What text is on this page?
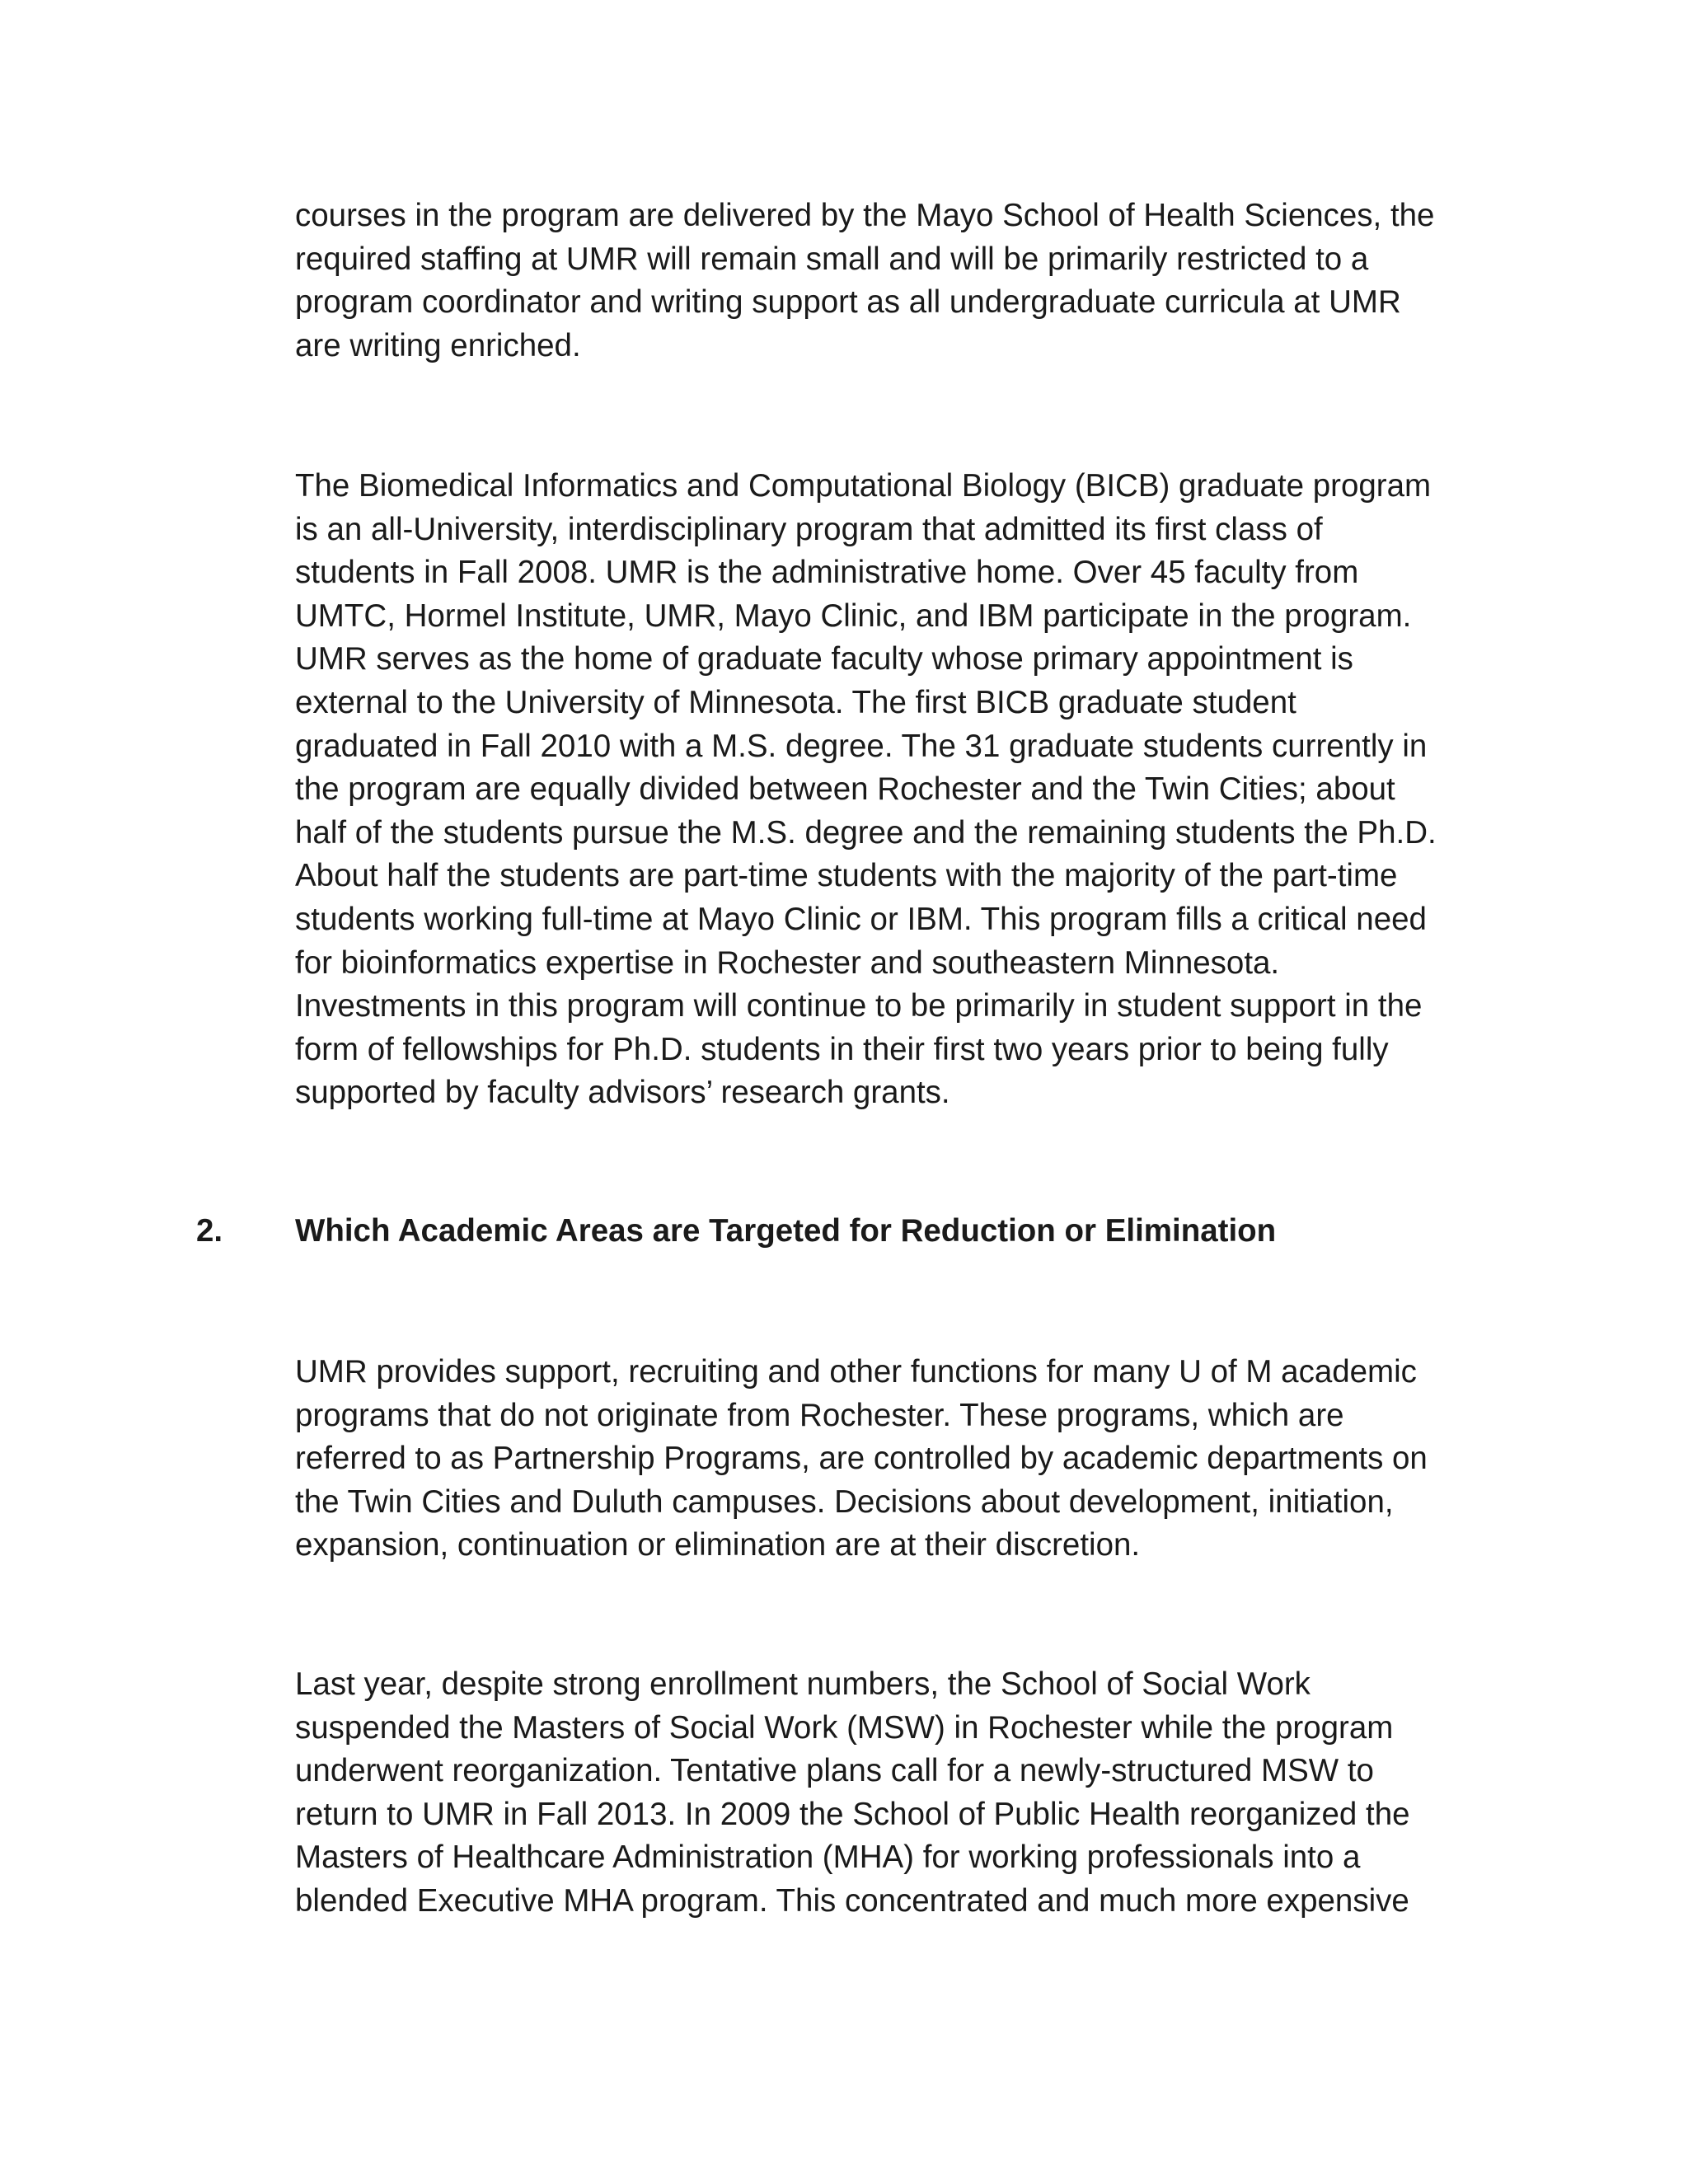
courses in the program are delivered by the Mayo School of Health Sciences, the
required staffing at UMR will remain small and will be primarily restricted to a
program coordinator and writing support as all undergraduate curricula at UMR
are writing enriched.

The Biomedical Informatics and Computational Biology (BICB) graduate program
is an all-University, interdisciplinary program that admitted its first class of
students in Fall 2008. UMR is the administrative home. Over 45 faculty from
UMTC, Hormel Institute, UMR, Mayo Clinic, and IBM participate in the program.
UMR serves as the home of graduate faculty whose primary appointment is
external to the University of Minnesota. The first BICB graduate student
graduated in Fall 2010 with a M.S. degree. The 31 graduate students currently in
the program are equally divided between Rochester and the Twin Cities; about
half of the students pursue the M.S. degree and the remaining students the Ph.D.
About half the students are part-time students with the majority of the part-time
students working full-time at Mayo Clinic or IBM. This program fills a critical need
for bioinformatics expertise in Rochester and southeastern Minnesota.
Investments in this program will continue to be primarily in student support in the
form of fellowships for Ph.D. students in their first two years prior to being fully
supported by faculty advisors’ research grants.

2. Which Academic Areas are Targeted for Reduction or Elimination

UMR provides support, recruiting and other functions for many U of M academic
programs that do not originate from Rochester. These programs, which are
referred to as Partnership Programs, are controlled by academic departments on
the Twin Cities and Duluth campuses. Decisions about development, initiation,
expansion, continuation or elimination are at their discretion.

Last year, despite strong enrollment numbers, the School of Social Work
suspended the Masters of Social Work (MSW) in Rochester while the program
underwent reorganization. Tentative plans call for a newly-structured MSW to
return to UMR in Fall 2013. In 2009 the School of Public Health reorganized the
Masters of Healthcare Administration (MHA) for working professionals into a
blended Executive MHA program. This concentrated and much more expensive
